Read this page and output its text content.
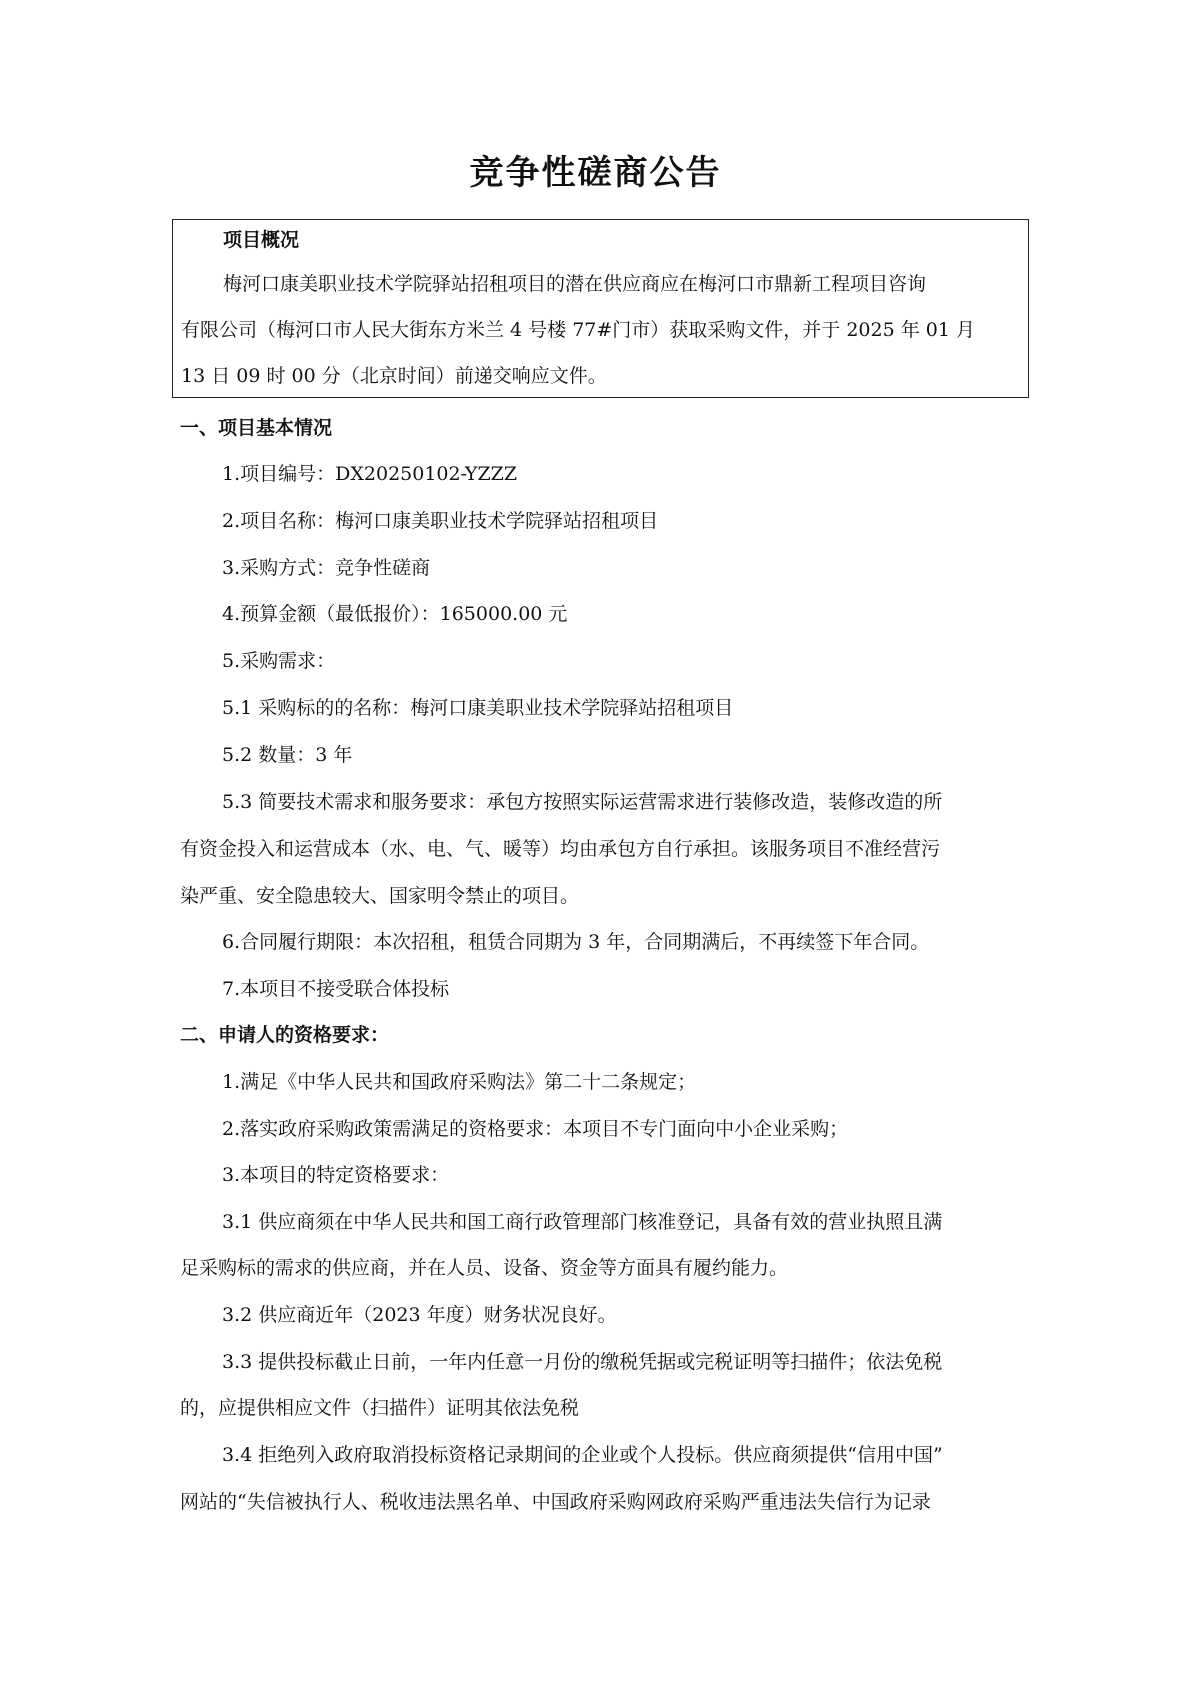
竞争性磋商公告
项目概况
梅河口康美职业技术学院驿站招租项目的潜在供应商应在梅河口市鼎新工程项目咨询
有限公司（梅河口市人民大街东方米兰 4 号楼 77#门市）获取采购文件，并于 2025 年 01 月
13 日 09 时 00 分（北京时间）前递交响应文件。
一、项目基本情况
1.项目编号：DX20250102-YZZZ
2.项目名称：梅河口康美职业技术学院驿站招租项目
3.采购方式：竞争性磋商
4.预算金额（最低报价）：165000.00 元
5.采购需求：
5.1 采购标的的名称：梅河口康美职业技术学院驿站招租项目
5.2 数量：3 年
5.3 简要技术需求和服务要求：承包方按照实际运营需求进行装修改造，装修改造的所
有资金投入和运营成本（水、电、气、暖等）均由承包方自行承担。该服务项目不准经营污
染严重、安全隐患较大、国家明令禁止的项目。
6.合同履行期限：本次招租，租赁合同期为 3 年，合同期满后，不再续签下年合同。
7.本项目不接受联合体投标
二、申请人的资格要求：
1.满足《中华人民共和国政府采购法》第二十二条规定；
2.落实政府采购政策需满足的资格要求：本项目不专门面向中小企业采购；
3.本项目的特定资格要求：
3.1 供应商须在中华人民共和国工商行政管理部门核准登记，具备有效的营业执照且满
足采购标的需求的供应商，并在人员、设备、资金等方面具有履约能力。
3.2 供应商近年（2023 年度）财务状况良好。
3.3 提供投标截止日前，一年内任意一月份的缴税凭据或完税证明等扫描件；依法免税
的，应提供相应文件（扫描件）证明其依法免税
3.4 拒绝列入政府取消投标资格记录期间的企业或个人投标。供应商须提供“信用中国”
网站的“失信被执行人、税收违法黑名单、中国政府采购网政府采购严重违法失信行为记录
